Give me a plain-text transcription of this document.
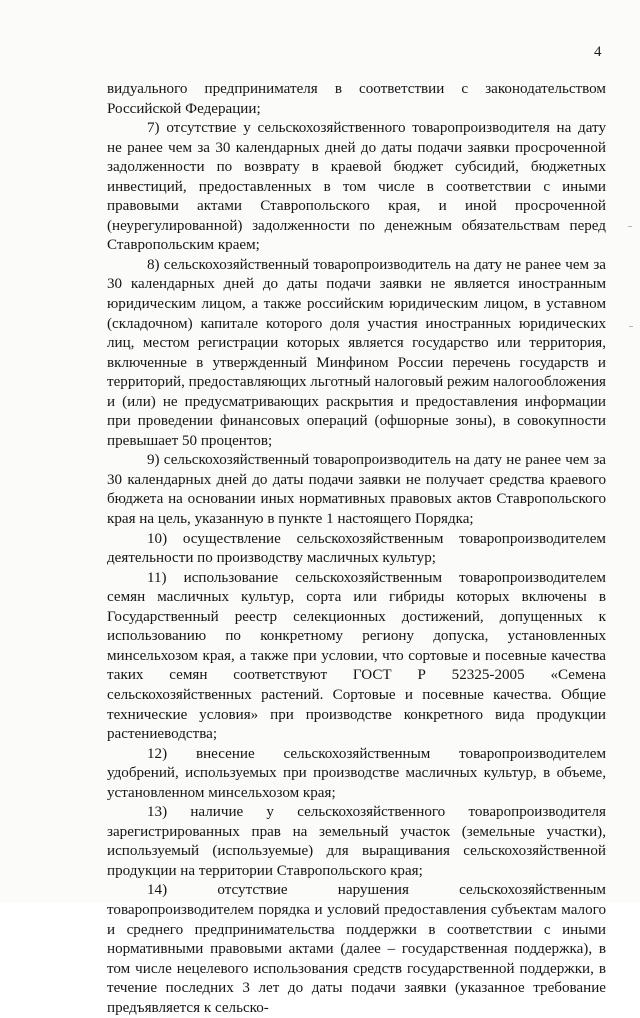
4

видуального предпринимателя в соответствии с законодательством Российской Федерации;

7) отсутствие у сельскохозяйственного товаропроизводителя на дату не ранее чем за 30 календарных дней до даты подачи заявки просроченной задолженности по возврату в краевой бюджет субсидий, бюджетных инвестиций, предоставленных в том числе в соответствии с иными правовыми актами Ставропольского края, и иной просроченной (неурегулированной) задолженности по денежным обязательствам перед Ставропольским краем;

8) сельскохозяйственный товаропроизводитель на дату не ранее чем за 30 календарных дней до даты подачи заявки не является иностранным юридическим лицом, а также российским юридическим лицом, в уставном (складочном) капитале которого доля участия иностранных юридических лиц, местом регистрации которых является государство или территория, включенные в утвержденный Минфином России перечень государств и территорий, предоставляющих льготный налоговый режим налогообложения и (или) не предусматривающих раскрытия и предоставления информации при проведении финансовых операций (офшорные зоны), в совокупности превышает 50 процентов;

9) сельскохозяйственный товаропроизводитель на дату не ранее чем за 30 календарных дней до даты подачи заявки не получает средства краевого бюджета на основании иных нормативных правовых актов Ставропольского края на цель, указанную в пункте 1 настоящего Порядка;

10) осуществление сельскохозяйственным товаропроизводителем деятельности по производству масличных культур;

11) использование сельскохозяйственным товаропроизводителем семян масличных культур, сорта или гибриды которых включены в Государственный реестр селекционных достижений, допущенных к использованию по конкретному региону допуска, установленных минсельхозом края, а также при условии, что сортовые и посевные качества таких семян соответствуют ГОСТ Р 52325-2005 «Семена сельскохозяйственных растений. Сортовые и посевные качества. Общие технические условия» при производстве конкретного вида продукции растениеводства;

12) внесение сельскохозяйственным товаропроизводителем удобрений, используемых при производстве масличных культур, в объеме, установленном минсельхозом края;

13) наличие у сельскохозяйственного товаропроизводителя зарегистрированных прав на земельный участок (земельные участки), используемый (используемые) для выращивания сельскохозяйственной продукции на территории Ставропольского края;

14) отсутствие нарушения сельскохозяйственным товаропроизводителем порядка и условий предоставления субъектам малого и среднего предпринимательства поддержки в соответствии с иными нормативными правовыми актами (далее – государственная поддержка), в том числе нецелевого использования средств государственной поддержки, в течение последних 3 лет до даты подачи заявки (указанное требование предъявляется к сельско-
